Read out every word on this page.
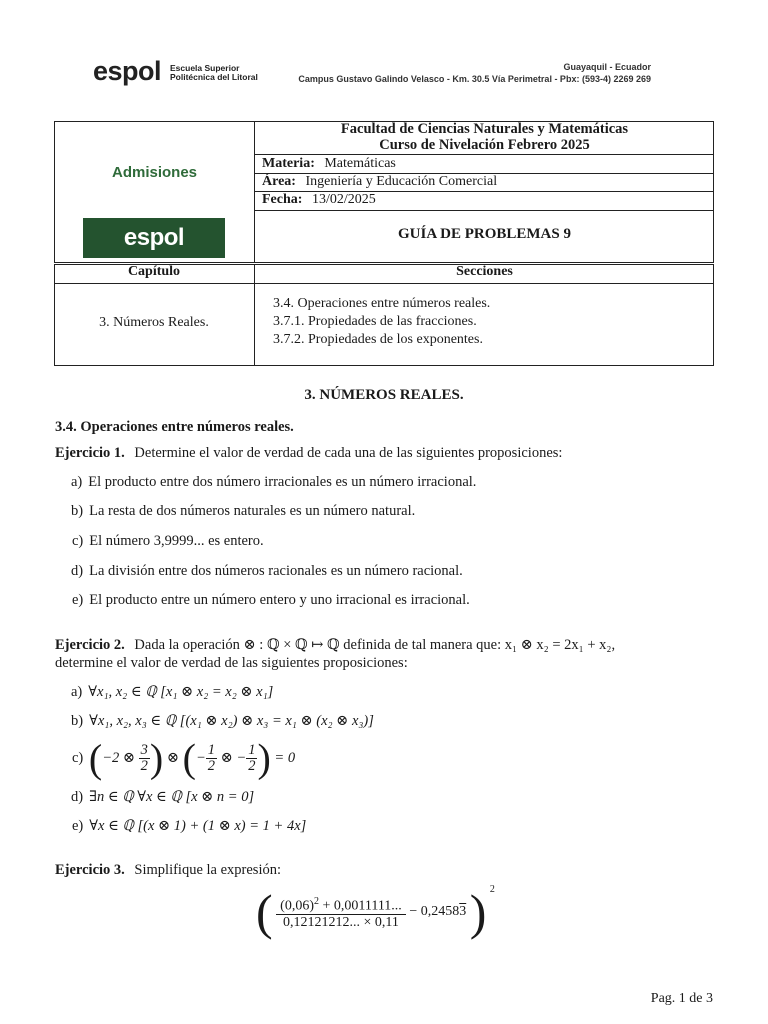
espol Escuela Superior
Politécnica del Litoral
Guayaquil - Ecuador
Campus Gustavo Galindo Velasco - Km. 30.5 Vía Perimetral - Pbx: (593-4) 2269 269
Admisiones
espol
Facultad de Ciencias Naturales y Matemáticas
Curso de Nivelación Febrero 2025
Materia: Matemáticas
Área: Ingeniería y Educación Comercial
Fecha: 13/02/2025
GUÍA DE PROBLEMAS 9
Capítulo	Secciones
3. Números Reales.
3.4. Operaciones entre números reales.
3.7.1. Propiedades de las fracciones.
3.7.2. Propiedades de los exponentes.
3. NÚMEROS REALES.
3.4. Operaciones entre números reales.
Ejercicio 1. Determine el valor de verdad de cada una de las siguientes proposiciones:
a) El producto entre dos número irracionales es un número irracional.
b) La resta de dos números naturales es un número natural.
c) El número 3,9999... es entero.
d) La división entre dos números racionales es un número racional.
e) El producto entre un número entero y uno irracional es irracional.
Ejercicio 2. Dada la operación ⊗ : ℚ × ℚ ↦ ℚ definida de tal manera que: x₁ ⊗ x₂ = 2x₁ + x₂,
determine el valor de verdad de las siguientes proposiciones:
a) ∀x₁, x₂ ∈ ℚ [x₁ ⊗ x₂ = x₂ ⊗ x₁]
b) ∀x₁, x₂, x₃ ∈ ℚ [(x₁ ⊗ x₂) ⊗ x₃ = x₁ ⊗ (x₂ ⊗ x₃)]
c) (−2 ⊗ $\frac{3}{2}$ ) ⊗ (− $\frac{1}{2}$ ⊗ − $\frac{1}{2}$ ) = 0
d) ∃n ∈ ℚ ∀x ∈ ℚ [x ⊗ n = 0]
e) ∀x ∈ ℚ [(x ⊗ 1) + (1 ⊗ x) = 1 + 4x]
Ejercicio 3. Simplifique la expresión:
( $\frac{(0,06)^2 + 0,0011111...}{0,12121212... \times 0,11} - 0,24583$ ) $^2$
Pag. 1 de 3
